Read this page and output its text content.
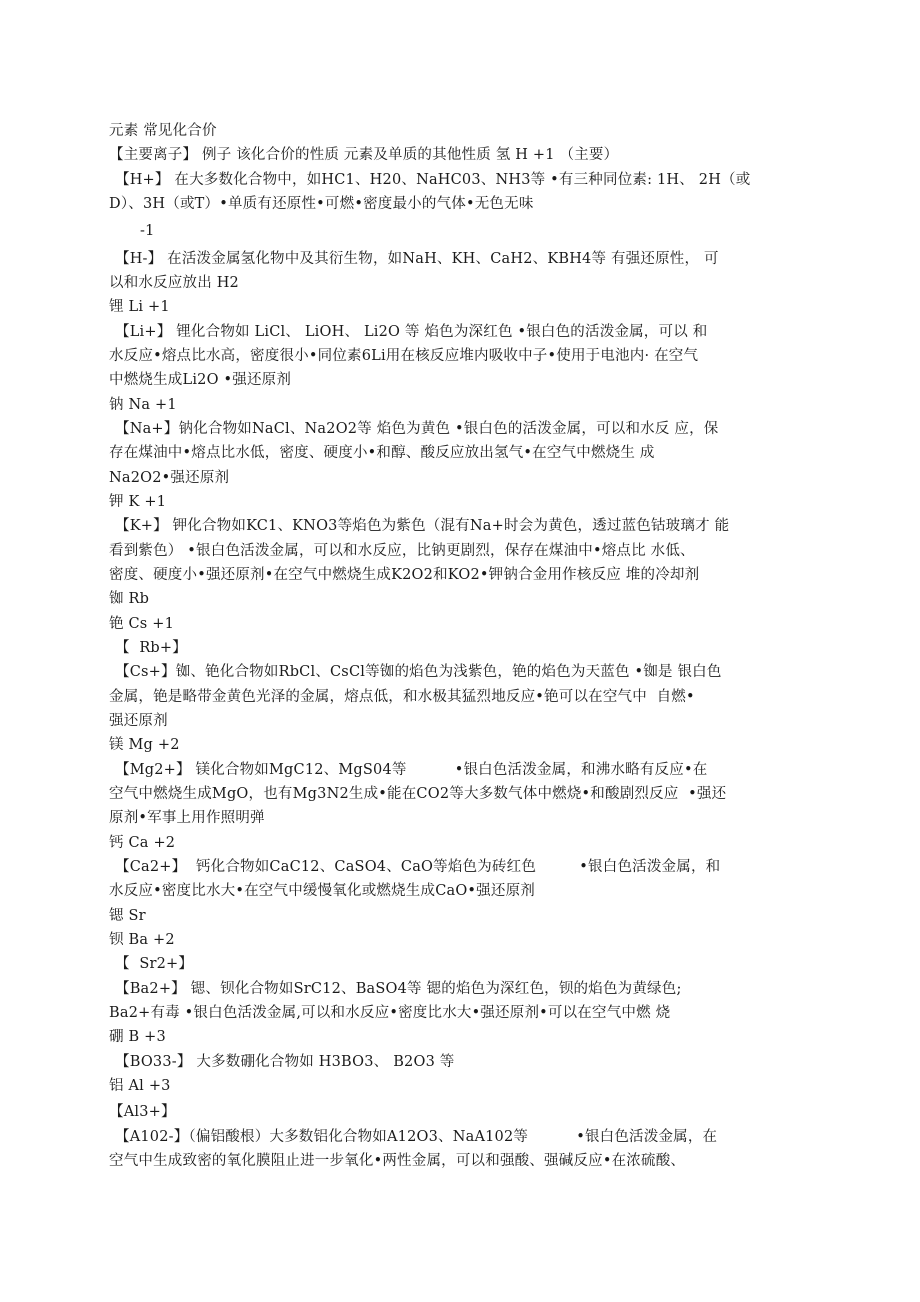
元素 常见化合价
【主要离子】 例子 该化合价的性质 元素及单质的其他性质 氢 H +1 （主要）
【H+】 在大多数化合物中，如HC1、H20、NaHC03、NH3等 •有三种同位素: 1H、 2H（或
D）、3H（或T）•单质有还原性•可燃•密度最小的气体•无色无味
-1
【H-】 在活泼金属氢化物中及其衍生物，如NaH、KH、CaH2、KBH4等 有强还原性， 可
以和水反应放出 H2
锂 Li +1
【Li+】 锂化合物如 LiCl、 LiOH、 Li2O 等 焰色为深红色 •银白色的活泼金属，可以 和
水反应•熔点比水高，密度很小•同位素6Li用在核反应堆内吸收中子•使用于电池内· 在空气
中燃烧生成Li2O •强还原剂
钠 Na +1
【Na+】钠化合物如NaCl、Na2O2等 焰色为黄色 •银白色的活泼金属，可以和水反 应，保
存在煤油中•熔点比水低，密度、硬度小•和醇、酸反应放出氢气•在空气中燃烧生 成
Na2O2•强还原剂
钾 K +1
【K+】 钾化合物如KC1、KNO3等焰色为紫色（混有Na+时会为黄色，透过蓝色钴玻璃才 能
看到紫色） •银白色活泼金属，可以和水反应，比钠更剧烈，保存在煤油中•熔点比 水低、
密度、硬度小•强还原剂•在空气中燃烧生成K2O2和KO2•钾钠合金用作核反应 堆的冷却剂
铷 Rb
铯 Cs +1
【  Rb+】
【Cs+】铷、铯化合物如RbCl、CsCl等铷的焰色为浅紫色，铯的焰色为天蓝色 •铷是 银白色
金属，铯是略带金黄色光泽的金属，熔点低，和水极其猛烈地反应•铯可以在空气中  自燃•
强还原剂
镁 Mg +2
【Mg2+】 镁化合物如MgC12、MgS04等          •银白色活泼金属，和沸水略有反应•在
空气中燃烧生成MgO，也有Mg3N2生成•能在CO2等大多数气体中燃烧•和酸剧烈反应  •强还
原剂•军事上用作照明弹
钙 Ca +2
【Ca2+】  钙化合物如CaC12、CaSO4、CaO等焰色为砖红色         •银白色活泼金属，和
水反应•密度比水大•在空气中缓慢氧化或燃烧生成CaO•强还原剂
锶 Sr
钡 Ba +2
【  Sr2+】
【Ba2+】 锶、钡化合物如SrC12、BaSO4等 锶的焰色为深红色，钡的焰色为黄绿色;
Ba2+有毒 •银白色活泼金属,可以和水反应•密度比水大•强还原剂•可以在空气中燃 烧
硼 B +3
【BO33-】 大多数硼化合物如 H3BO3、 B2O3 等
铝 Al +3
【Al3+】
【A102-】（偏铝酸根）大多数铝化合物如A12O3、NaA102等          •银白色活泼金属，在
空气中生成致密的氧化膜阻止进一步氧化•两性金属，可以和强酸、强碱反应•在浓硫酸、
